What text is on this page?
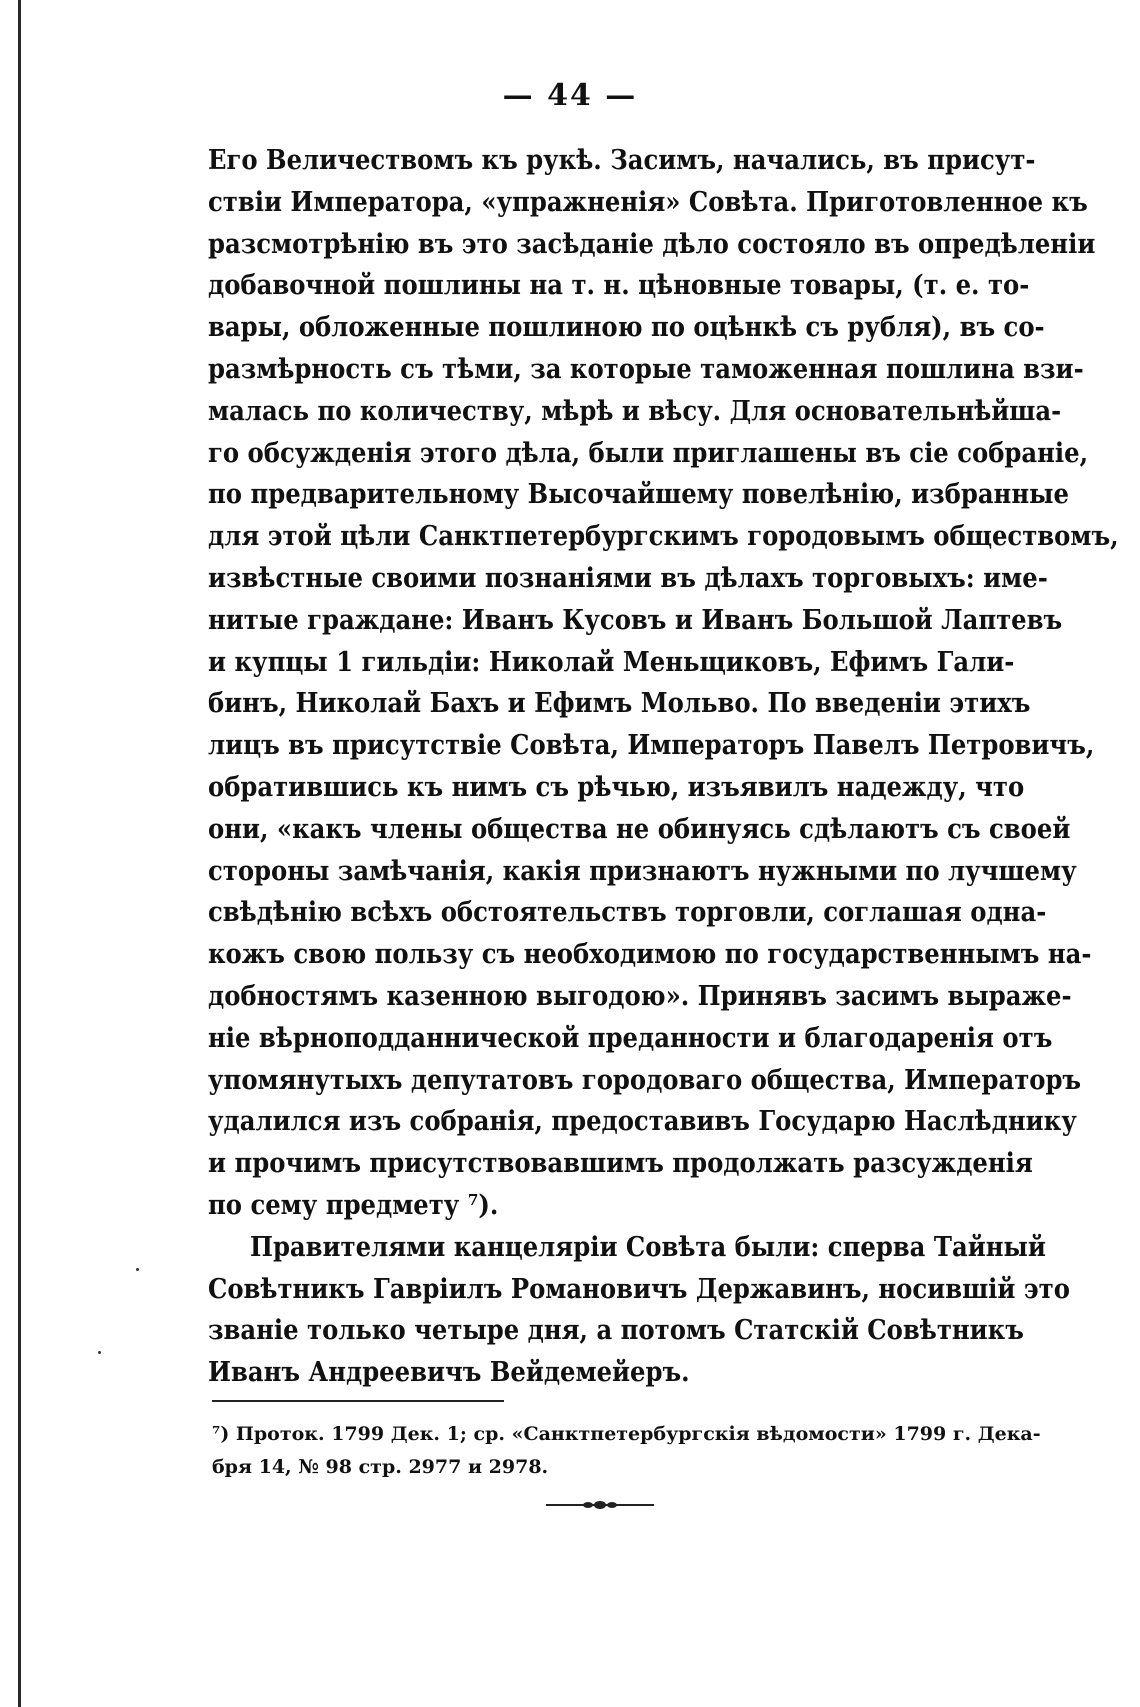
— 44 —
Его Величествомъ къ рукѣ. Засимъ, начались, въ присут-
ствіи Императора, «упражненія» Совѣта. Приготовленное къ
разсмотрѣнію въ это засѣданіе дѣло состояло въ опредѣленіи
добавочной пошлины на т. н. цѣновные товары, (т. е. то-
вары, обложенные пошлиною по оцѣнкѣ съ рубля), въ со-
размѣрность съ тѣми, за которые таможенная пошлина взи-
малась по количеству, мѣрѣ и вѣсу. Для основательнѣйша-
го обсужденія этого дѣла, были приглашены въ сіе собраніе,
по предварительному Высочайшему повелѣнію, избранные
для этой цѣли Санктпетербургскимъ городовымъ обществомъ,
извѣстные своими познаніями въ дѣлахъ торговыхъ: име-
нитые граждане: Иванъ Кусовъ и Иванъ Большой Лаптевъ
и купцы 1 гильдіи: Николай Меньщиковъ, Ефимъ Гали-
бинъ, Николай Бахъ и Ефимъ Мольво. По введеніи этихъ
лицъ въ присутствіе Совѣта, Императоръ Павелъ Петровичъ,
обратившись къ нимъ съ рѣчью, изъявилъ надежду, что
они, «какъ члены общества не обинуясь сдѣлаютъ съ своей
стороны замѣчанія, какія признаютъ нужными по лучшему
свѣдѣнію всѣхъ обстоятельствъ торговли, соглашая одна-
кожъ свою пользу съ необходимою по государственнымъ на-
добностямъ казенною выгодою». Принявъ засимъ выраже-
ніе вѣрноподданнической преданности и благодаренія отъ
упомянутыхъ депутатовъ городоваго общества, Императоръ
удалился изъ собранія, предоставивъ Государю Наслѣднику
и прочимъ присутствовавшимъ продолжать разсужденія
по сему предмету ⁷).
Правителями канцеляріи Совѣта были: сперва Тайный
Совѣтникъ Гавріилъ Романовичъ Державинъ, носившій это
званіе только четыре дня, а потомъ Статскій Совѣтникъ
Иванъ Андреевичъ Вейдемейеръ.
⁷) Проток. 1799 Дек. 1; ср. «Санктпетербургскія вѣдомости» 1799 г. Дека-
бря 14, № 98 стр. 2977 и 2978.
